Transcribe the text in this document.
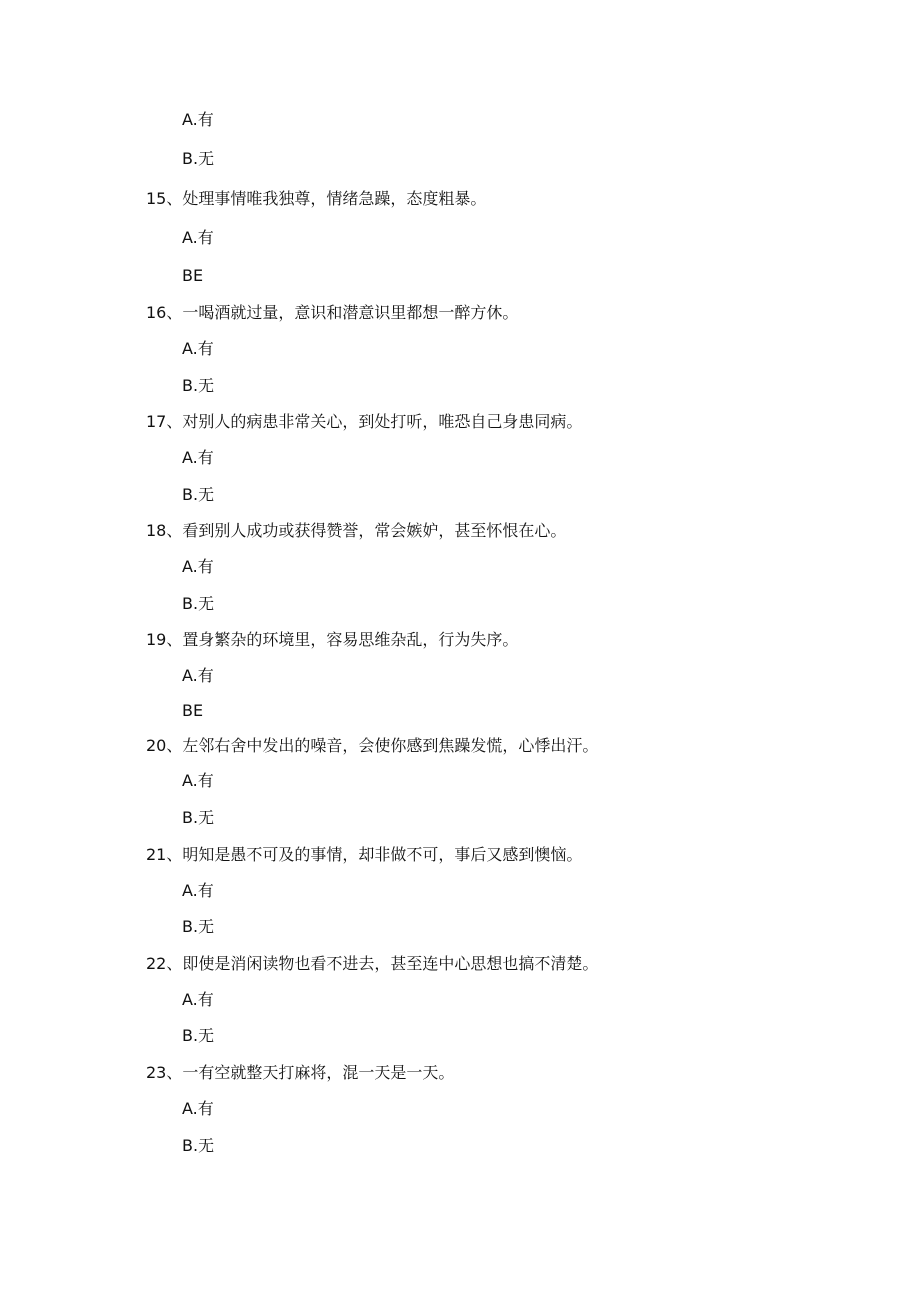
A.有
B.无
15、处理事情唯我独尊，情绪急躁，态度粗暴。
A.有
BE
16、一喝酒就过量，意识和潜意识里都想一醉方休。
A.有
B.无
17、对别人的病患非常关心，到处打听，唯恐自己身患同病。
A.有
B.无
18、看到别人成功或获得赞誉，常会嫉妒，甚至怀恨在心。
A.有
B.无
19、置身繁杂的环境里，容易思维杂乱，行为失序。
A.有
BE
20、左邻右舍中发出的噪音，会使你感到焦躁发慌，心悸出汗。
A.有
B.无
21、明知是愚不可及的事情，却非做不可，事后又感到懊恼。
A.有
B.无
22、即使是消闲读物也看不进去，甚至连中心思想也搞不清楚。
A.有
B.无
23、一有空就整天打麻将，混一天是一天。
A.有
B.无
